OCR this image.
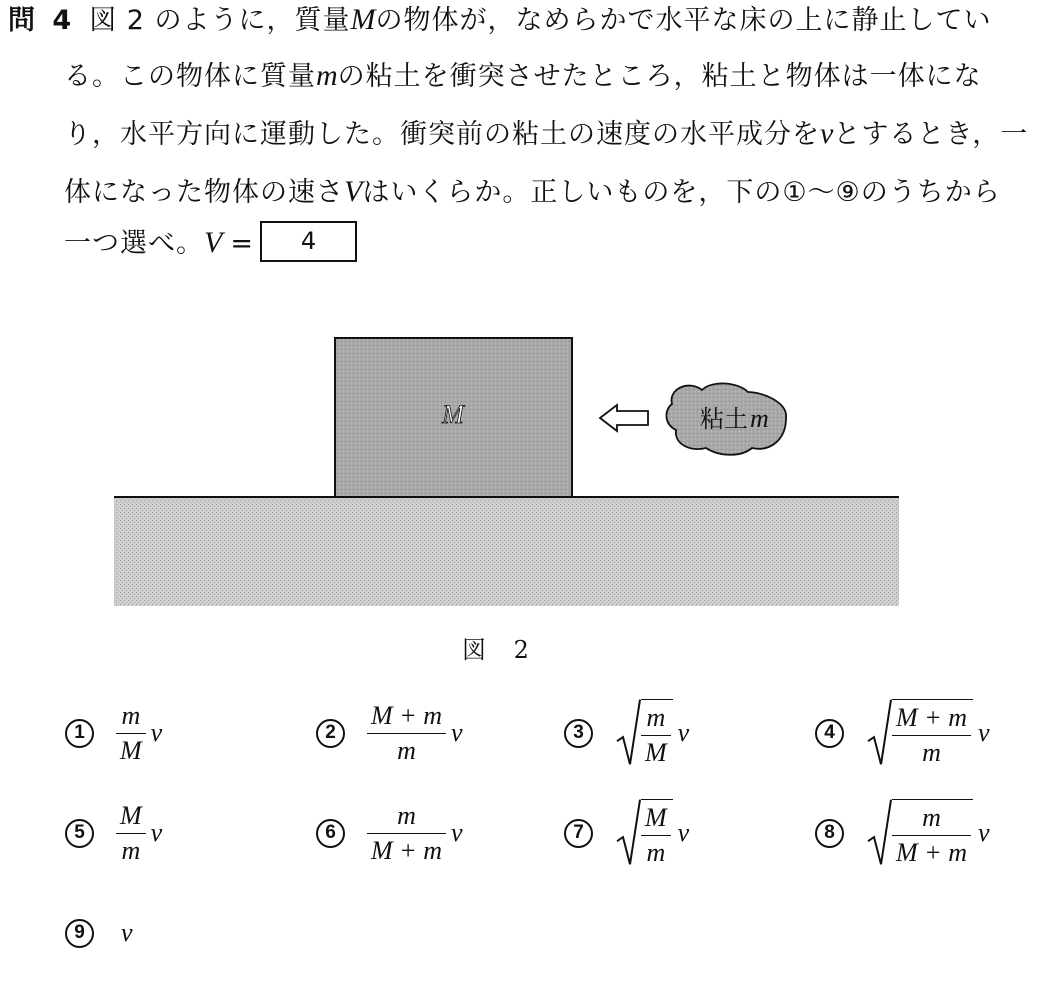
問 4 図 2 のように，質量Mの物体が，なめらかで水平な床の上に静止してい
る。この物体に質量mの粘土を衝突させたところ，粘土と物体は一体にな
り，水平方向に運動した。衝突前の粘土の速度の水平成分をvとするとき，一
体になった物体の速さVはいくらか。正しいものを，下の①～⑨のうちから
一つ選べ。V =	4
M	粘土m
図 2
1	$\frac{m}{M}$ v	2	$\frac{M + m}{m}$ v	3	$\frac{m}{M}$ v	4	$\frac{M + m}{m}$ v
5	$\frac{M}{m}$ v	6	$\frac{m}{M + m}$ v	7	$\frac{M}{m}$ v	8	$\frac{m}{M + m}$ v
9	v
